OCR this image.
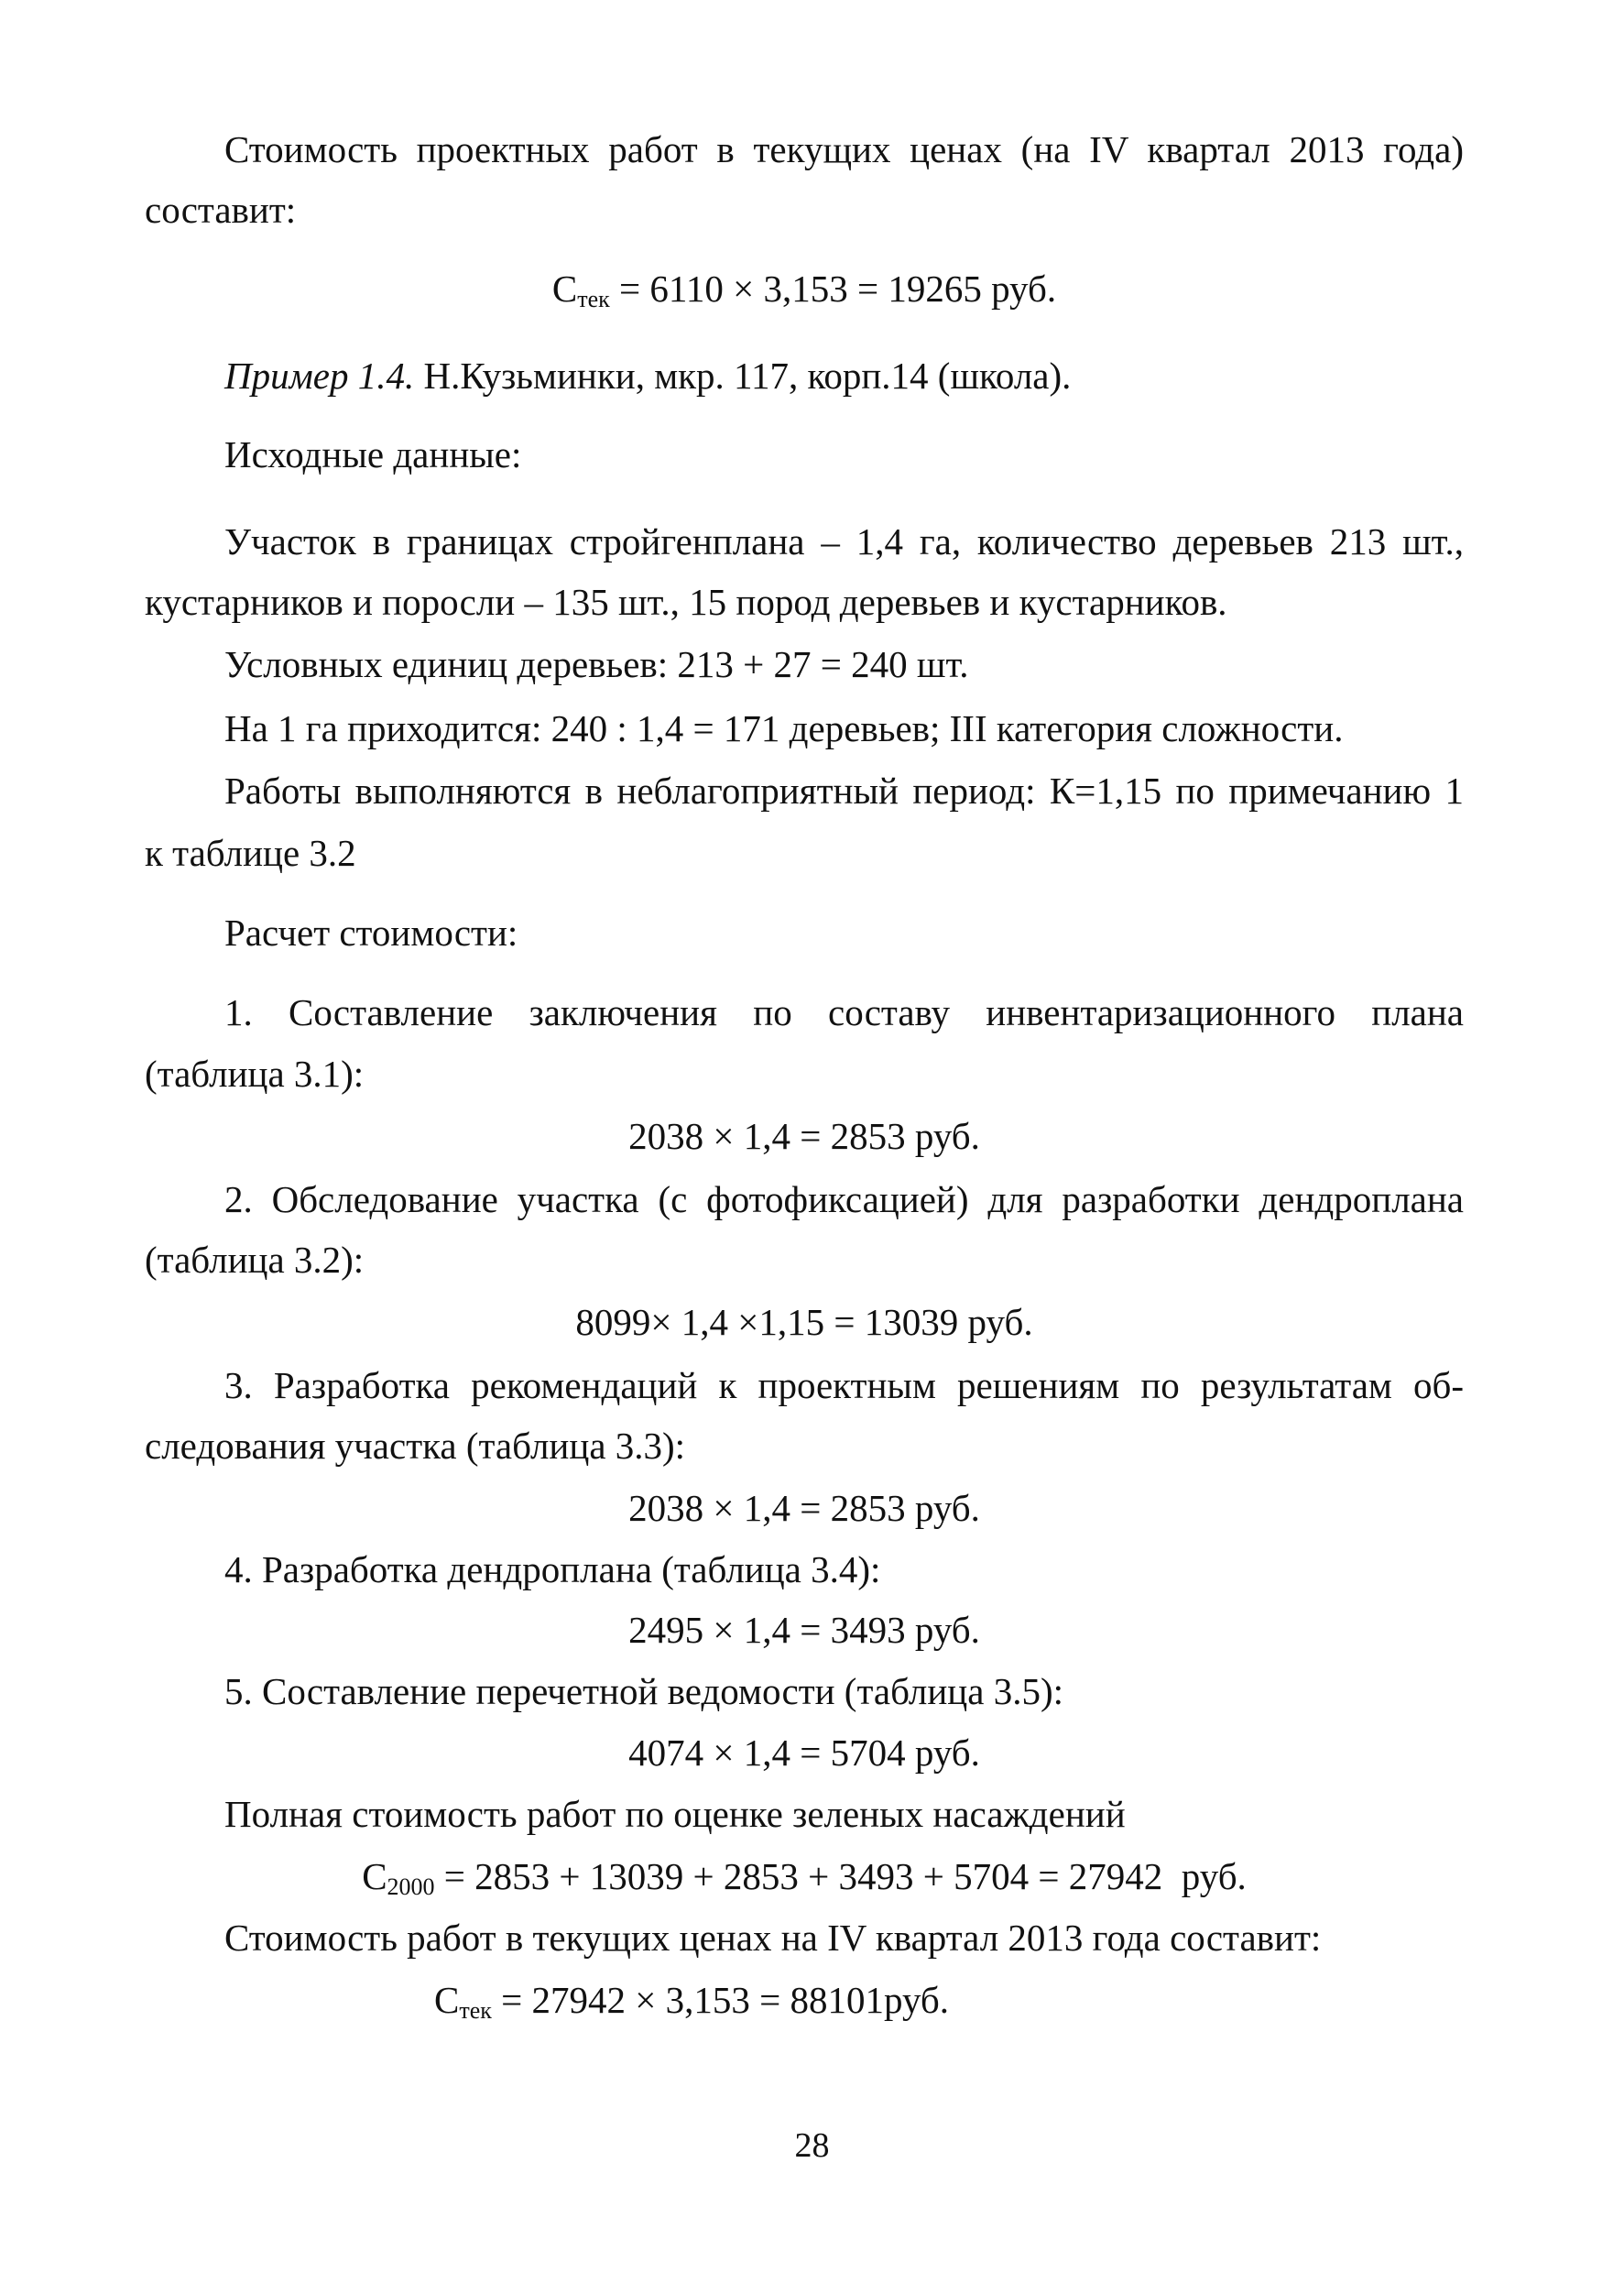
Стоимость проектных работ в текущих ценах (на IV квартал 2013 года)
составит:
$С_{тек} = 6110 \times 3,153 = 19265$ руб.
Пример 1.4. Н.Кузьминки, мкр. 117, корп.14 (школа).
Исходные данные:
Участок в границах стройгенплана – 1,4 га, количество деревьев 213 шт.,
кустарников и поросли – 135 шт., 15 пород деревьев и кустарников.
Условных единиц деревьев: 213 + 27 = 240 шт.
На 1 га приходится: 240 : 1,4 = 171 деревьев; III категория сложности.
Работы выполняются в неблагоприятный период: К=1,15 по примечанию 1
к таблице 3.2
Расчет стоимости:
1. Составление заключения по составу инвентаризационного плана
(таблица 3.1):
2038 × 1,4 = 2853 руб.
2. Обследование участка (с фотофиксацией) для разработки дендроплана
(таблица 3.2):
8099× 1,4 ×1,15 = 13039 руб.
3. Разработка рекомендаций к проектным решениям по результатам об-
следования участка (таблица 3.3):
2038 × 1,4 = 2853 руб.
4. Разработка дендроплана (таблица 3.4):
2495 × 1,4 = 3493 руб.
5. Составление перечетной ведомости (таблица 3.5):
4074 × 1,4 = 5704 руб.
Полная стоимость работ по оценке зеленых насаждений
$С_{2000} = 2853 + 13039 + 2853 + 3493 + 5704 = 27942$  руб.
Стоимость работ в текущих ценах на IV квартал 2013 года составит:
$С_{тек} = 27942 \times 3,153 = 88101руб$.
28
